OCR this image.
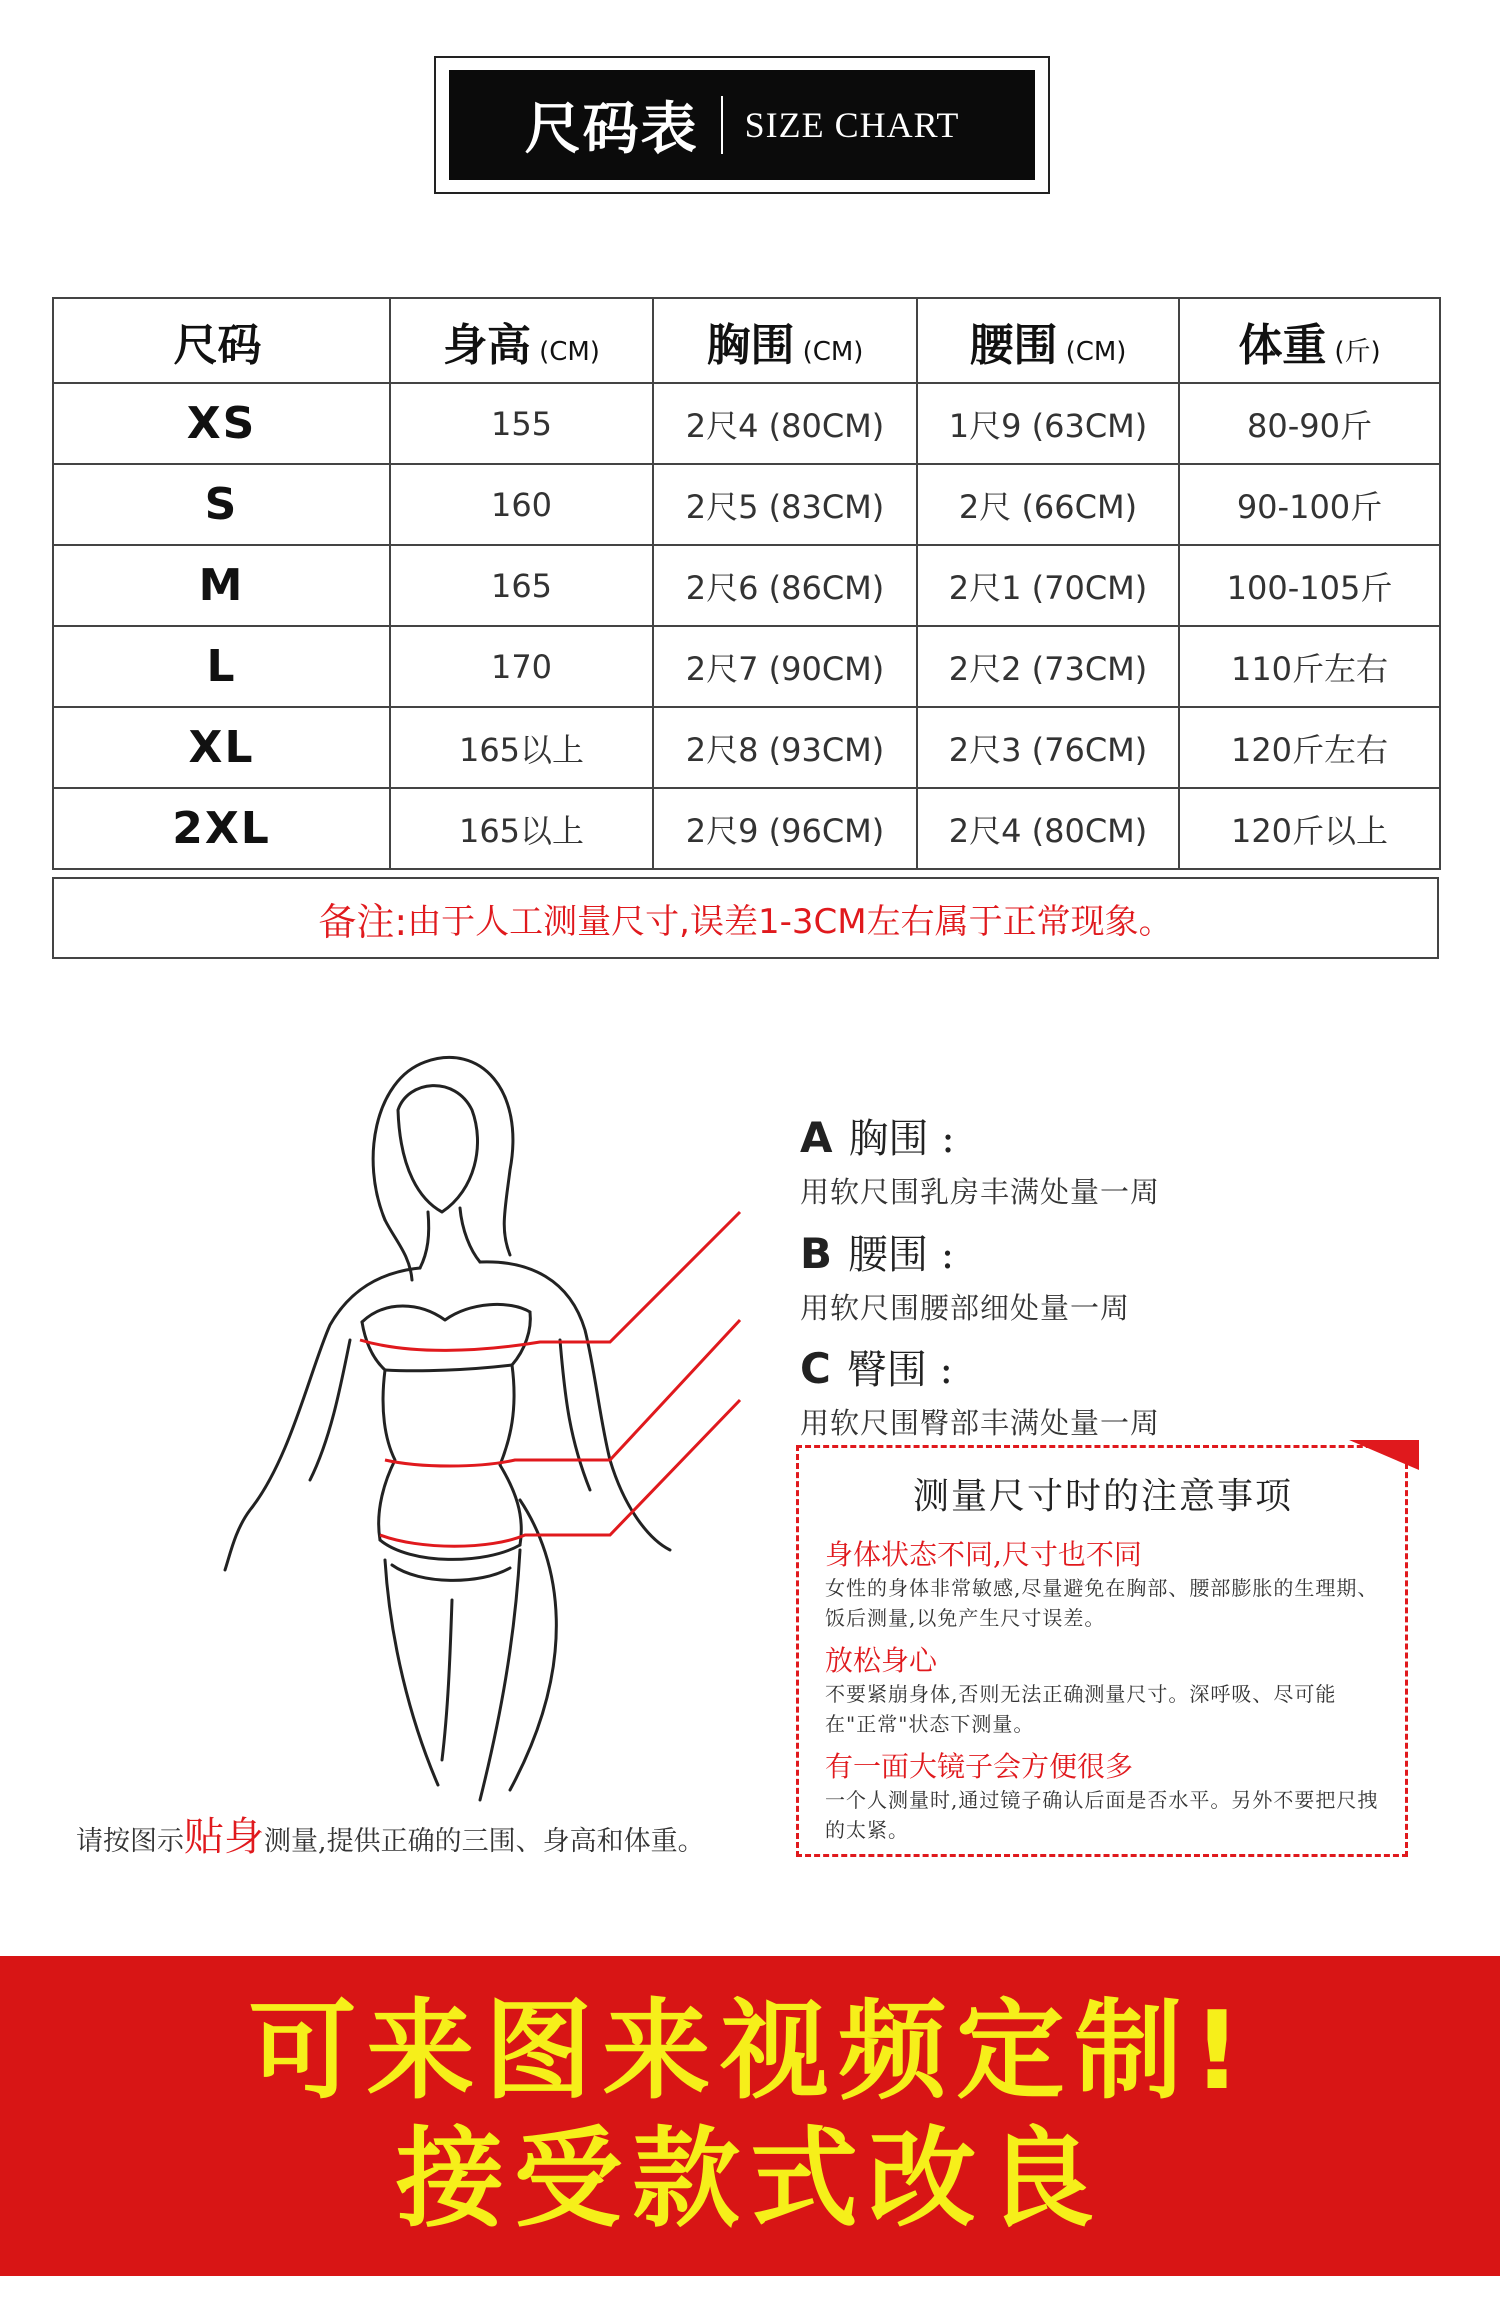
尺码表 SIZE CHART
尺码	身高 (CM)	胸围 (CM)	腰围 (CM)	体重 (斤)
XS	155	2尺4 (80CM)	1尺9 (63CM)	80-90斤
S	160	2尺5 (83CM)	2尺 (66CM)	90-100斤
M	165	2尺6 (86CM)	2尺1 (70CM)	100-105斤
L	170	2尺7 (90CM)	2尺2 (73CM)	110斤左右
XL	165以上	2尺8 (93CM)	2尺3 (76CM)	120斤左右
2XL	165以上	2尺9 (96CM)	2尺4 (80CM)	120斤以上
备注: 由于人工测量尺寸,误差1-3CM左右属于正常现象。
请按图示贴身测量,提供正确的三围、身高和体重。
A 胸围 :
用软尺围乳房丰满处量一周
B 腰围 :
用软尺围腰部细处量一周
C 臀围 :
用软尺围臀部丰满处量一周
测量尺寸时的注意事项
身体状态不同,尺寸也不同
女性的身体非常敏感,尽量避免在胸部、腰部膨胀的生理期、饭后测量,以免产生尺寸误差。
放松身心
不要紧崩身体,否则无法正确测量尺寸。深呼吸、尽可能在"正常"状态下测量。
有一面大镜子会方便很多
一个人测量时,通过镜子确认后面是否水平。另外不要把尺拽的太紧。
可来图来视频定制!
接受款式改良
